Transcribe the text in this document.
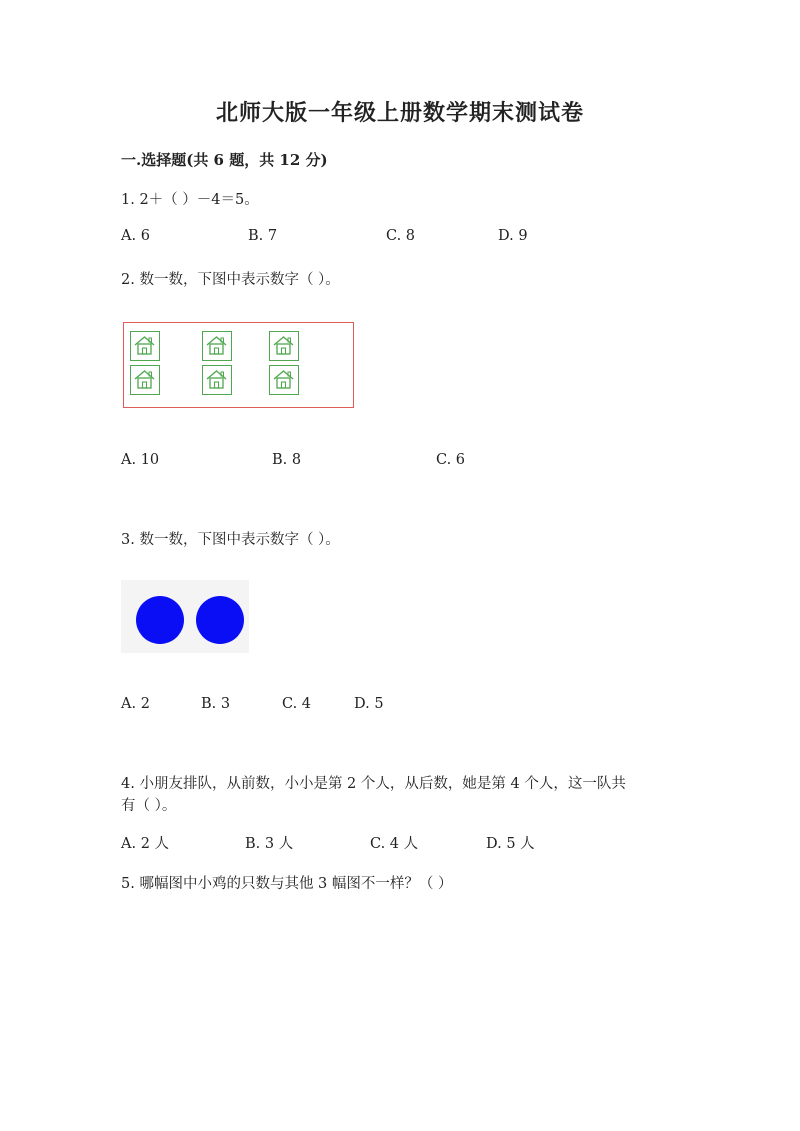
北师大版一年级上册数学期末测试卷
一.选择题(共 6 题，共 12 分)
1. 2＋（ ）－4＝5。
A. 6	B. 7	C. 8	D. 9
2. 数一数，下图中表示数字（ ）。
A. 10	B. 8	C. 6
3. 数一数，下图中表示数字（ ）。
A. 2	B. 3	C. 4	D. 5
4. 小朋友排队，从前数，小小是第 2 个人，从后数，她是第 4 个人，这一队共
有（ ）。
A. 2 人	B. 3 人	C. 4 人	D. 5 人
5. 哪幅图中小鸡的只数与其他 3 幅图不一样？（ ）
